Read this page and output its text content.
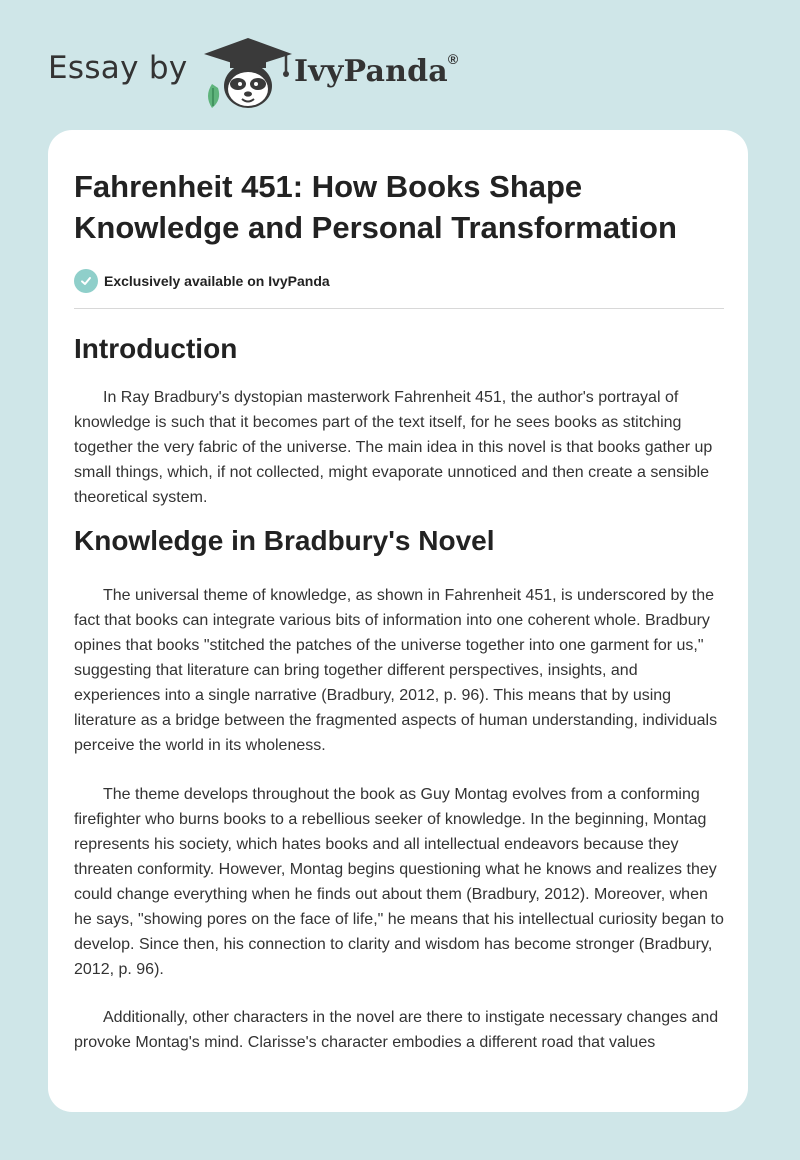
Essay by	IvyPanda®
Fahrenheit 451: How Books Shape Knowledge and Personal Transformation
Exclusively available on IvyPanda
Introduction

In Ray Bradbury's dystopian masterwork Fahrenheit 451, the author's portrayal of knowledge is such that it becomes part of the text itself, for he sees books as stitching together the very fabric of the universe. The main idea in this novel is that books gather up small things, which, if not collected, might evaporate unnoticed and then create a sensible theoretical system.

Knowledge in Bradbury's Novel

The universal theme of knowledge, as shown in Fahrenheit 451, is underscored by the fact that books can integrate various bits of information into one coherent whole. Bradbury opines that books "stitched the patches of the universe together into one garment for us," suggesting that literature can bring together different perspectives, insights, and experiences into a single narrative (Bradbury, 2012, p. 96). This means that by using literature as a bridge between the fragmented aspects of human understanding, individuals perceive the world in its wholeness.

The theme develops throughout the book as Guy Montag evolves from a conforming firefighter who burns books to a rebellious seeker of knowledge. In the beginning, Montag represents his society, which hates books and all intellectual endeavors because they threaten conformity. However, Montag begins questioning what he knows and realizes they could change everything when he finds out about them (Bradbury, 2012). Moreover, when he says, "showing pores on the face of life," he means that his intellectual curiosity began to develop. Since then, his connection to clarity and wisdom has become stronger (Bradbury, 2012, p. 96).

Additionally, other characters in the novel are there to instigate necessary changes and provoke Montag's mind. Clarisse's character embodies a different road that values
